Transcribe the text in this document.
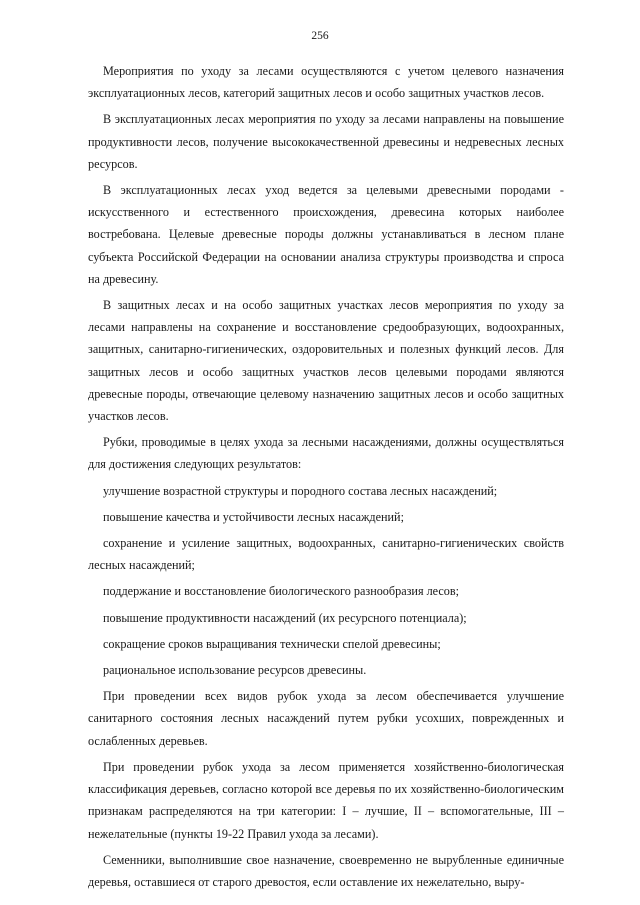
256

Мероприятия по уходу за лесами осуществляются с учетом целевого назначения эксплуатационных лесов, категорий защитных лесов и особо защитных участков лесов.

В эксплуатационных лесах мероприятия по уходу за лесами направлены на повышение продуктивности лесов, получение высококачественной древесины и недревесных лесных ресурсов.

В эксплуатационных лесах уход ведется за целевыми древесными породами - искусственного и естественного происхождения, древесина которых наиболее востребована. Целевые древесные породы должны устанавливаться в лесном плане субъекта Российской Федерации на основании анализа структуры производства и спроса на древесину.

В защитных лесах и на особо защитных участках лесов мероприятия по уходу за лесами направлены на сохранение и восстановление средообразующих, водоохранных, защитных, санитарно-гигиенических, оздоровительных и полезных функций лесов. Для защитных лесов и особо защитных участков лесов целевыми породами являются древесные породы, отвечающие целевому назначению защитных лесов и особо защитных участков лесов.

Рубки, проводимые в целях ухода за лесными насаждениями, должны осуществляться для достижения следующих результатов:

улучшение возрастной структуры и породного состава лесных насаждений;

повышение качества и устойчивости лесных насаждений;

сохранение и усиление защитных, водоохранных, санитарно-гигиенических свойств лесных насаждений;

поддержание и восстановление биологического разнообразия лесов;

повышение продуктивности насаждений (их ресурсного потенциала);

сокращение сроков выращивания технически спелой древесины;

рациональное использование ресурсов древесины.

При проведении всех видов рубок ухода за лесом обеспечивается улучшение санитарного состояния лесных насаждений путем рубки усохших, поврежденных и ослабленных деревьев.

При проведении рубок ухода за лесом применяется хозяйственно-биологическая классификация деревьев, согласно которой все деревья по их хозяйственно-биологическим признакам распределяются на три категории: I – лучшие, II – вспомогательные, III – нежелательные (пункты 19-22 Правил ухода за лесами).

Семенники, выполнившие свое назначение, своевременно не вырубленные единичные деревья, оставшиеся от старого древостоя, если оставление их нежелательно, выру-
